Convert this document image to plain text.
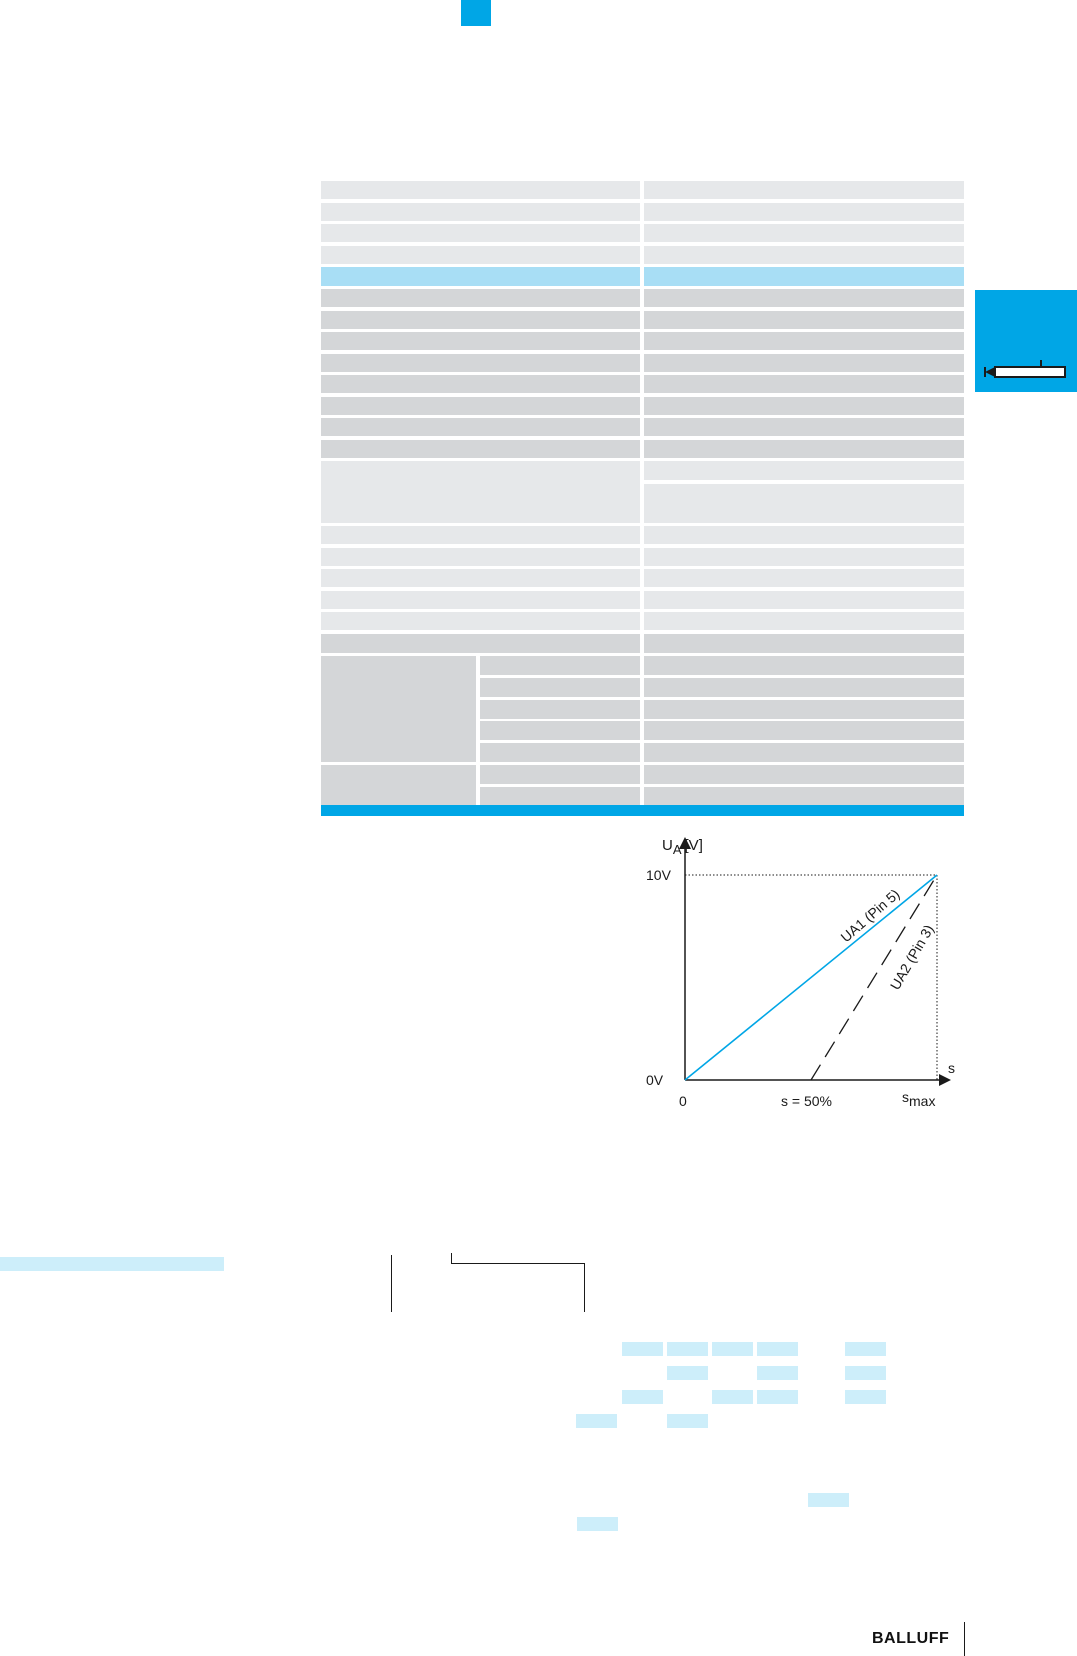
UA [V]
10V
0V
s
0	s = 50%	smax
UA1 (Pin 5)
UA2 (Pin 3)
BALLUFF
